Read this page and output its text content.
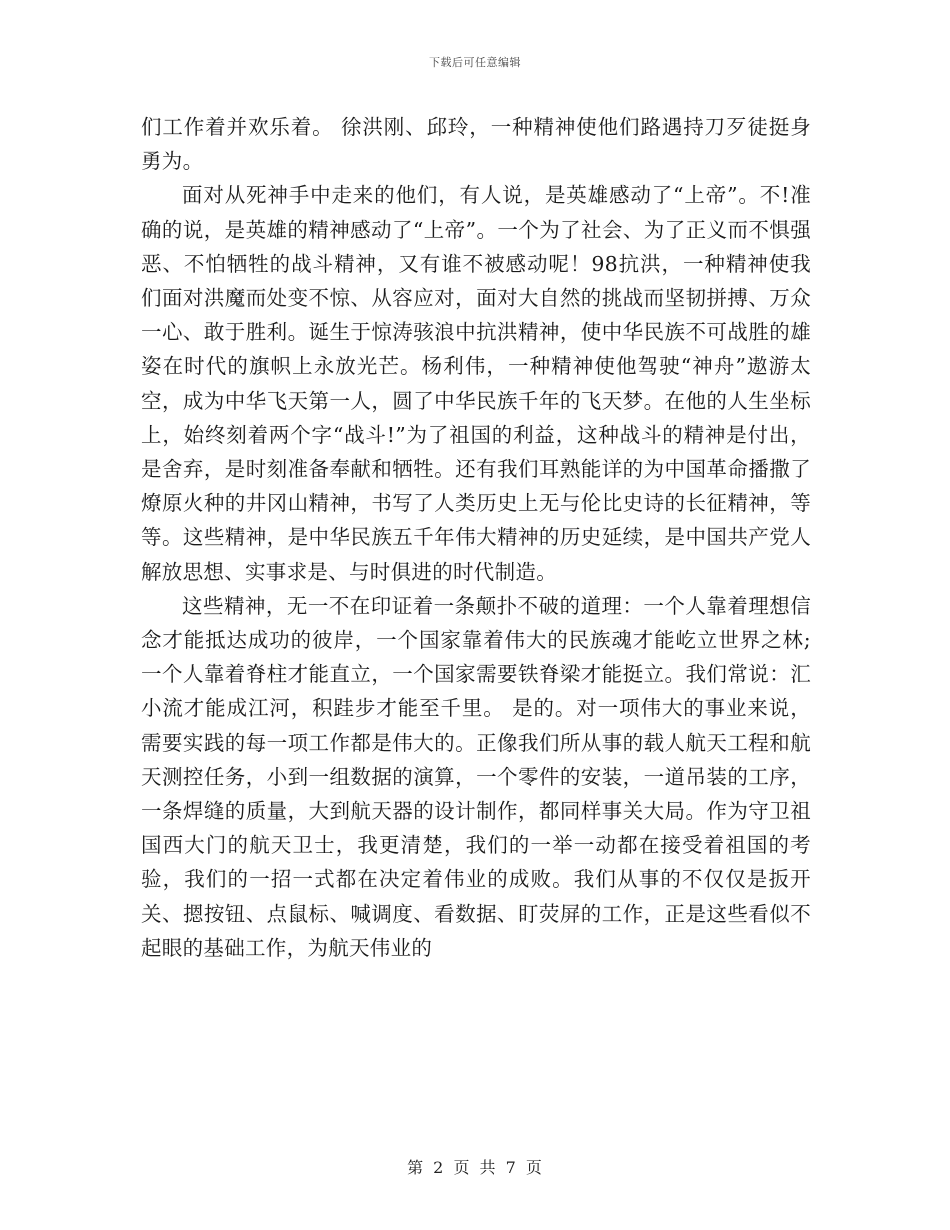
下载后可任意编辑

们工作着并欢乐着。 徐洪刚、邱玲，一种精神使他们路遇持刀歹徒挺身勇为。

面对从死神手中走来的他们，有人说，是英雄感动了“上帝”。不!准确的说，是英雄的精神感动了“上帝”。一个为了社会、为了正义而不惧强恶、不怕牺牲的战斗精神，又有谁不被感动呢！98抗洪，一种精神使我们面对洪魔而处变不惊、从容应对，面对大自然的挑战而坚韧拼搏、万众一心、敢于胜利。诞生于惊涛骇浪中抗洪精神，使中华民族不可战胜的雄姿在时代的旗帜上永放光芒。杨利伟，一种精神使他驾驶“神舟”遨游太空，成为中华飞天第一人，圆了中华民族千年的飞天梦。在他的人生坐标上，始终刻着两个字“战斗!”为了祖国的利益，这种战斗的精神是付出，是舍弃，是时刻准备奉献和牺牲。还有我们耳熟能详的为中国革命播撒了燎原火种的井冈山精神，书写了人类历史上无与伦比史诗的长征精神，等等。这些精神，是中华民族五千年伟大精神的历史延续，是中国共产党人解放思想、实事求是、与时俱进的时代制造。

这些精神，无一不在印证着一条颠扑不破的道理：一个人靠着理想信念才能抵达成功的彼岸，一个国家靠着伟大的民族魂才能屹立世界之林;一个人靠着脊柱才能直立，一个国家需要铁脊梁才能挺立。我们常说：汇小流才能成江河，积跬步才能至千里。 是的。对一项伟大的事业来说，需要实践的每一项工作都是伟大的。正像我们所从事的载人航天工程和航天测控任务，小到一组数据的演算，一个零件的安装，一道吊装的工序，一条焊缝的质量，大到航天器的设计制作，都同样事关大局。作为守卫祖国西大门的航天卫士，我更清楚，我们的一举一动都在接受着祖国的考验，我们的一招一式都在决定着伟业的成败。我们从事的不仅仅是扳开关、摁按钮、点鼠标、喊调度、看数据、盯荧屏的工作，正是这些看似不起眼的基础工作，为航天伟业的

第 2 页 共 7 页
